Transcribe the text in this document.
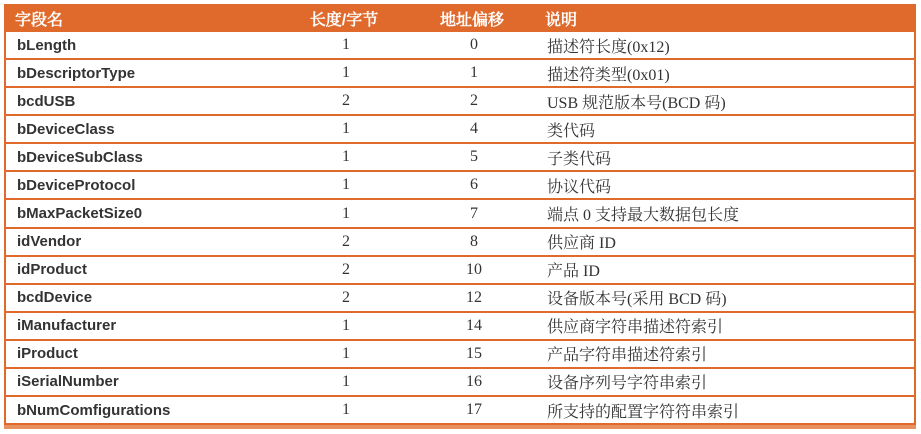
字段名	长度/字节	地址偏移	说明
bLength	1	0	描述符长度(0x12)
bDescriptorType	1	1	描述符类型(0x01)
bcdUSB	2	2	USB 规范版本号(BCD 码)
bDeviceClass	1	4	类代码
bDeviceSubClass	1	5	子类代码
bDeviceProtocol	1	6	协议代码
bMaxPacketSize0	1	7	端点 0 支持最大数据包长度
idVendor	2	8	供应商 ID
idProduct	2	10	产品 ID
bcdDevice	2	12	设备版本号(采用 BCD 码)
iManufacturer	1	14	供应商字符串描述符索引
iProduct	1	15	产品字符串描述符索引
iSerialNumber	1	16	设备序列号字符串索引
bNumComfigurations	1	17	所支持的配置字符符串索引
